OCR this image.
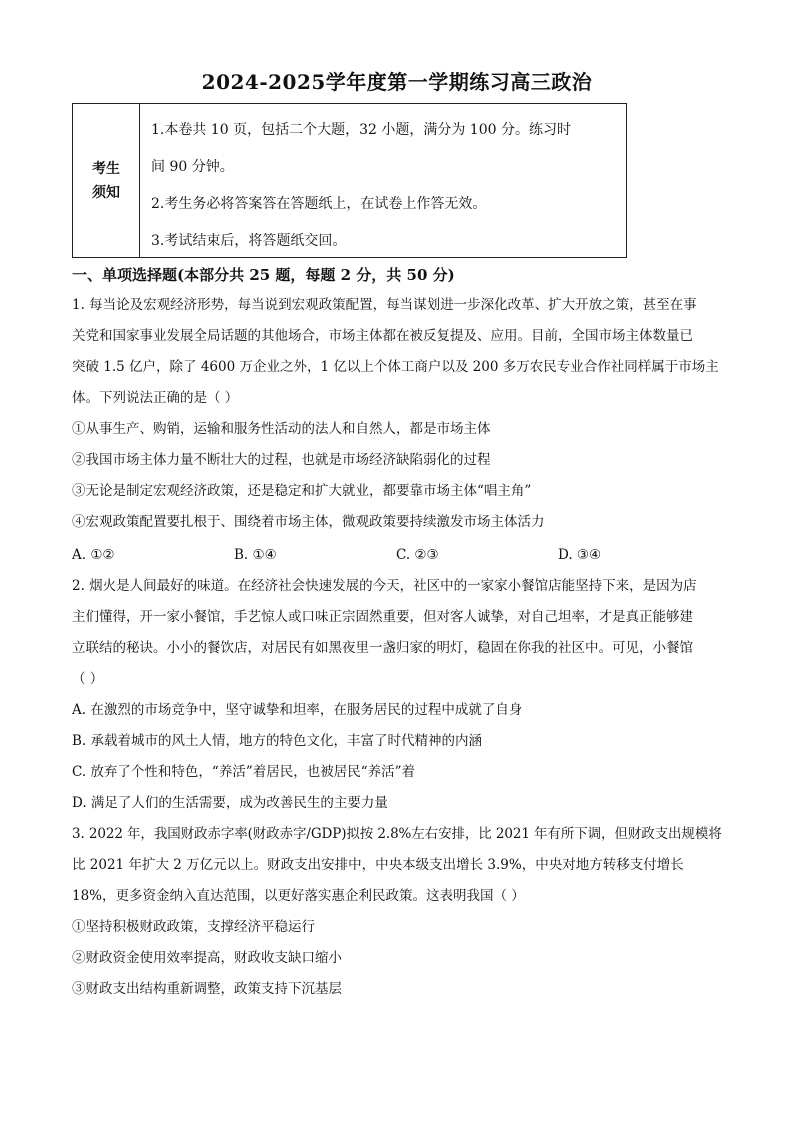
2024-2025学年度第一学期练习高三政治
考生须知
1.本卷共 10 页，包括二个大题，32 小题，满分为 100 分。练习时
间 90 分钟。
2.考生务必将答案答在答题纸上，在试卷上作答无效。
3.考试结束后，将答题纸交回。
一、单项选择题(本部分共 25 题，每题 2 分，共 50 分)
1. 每当论及宏观经济形势，每当说到宏观政策配置，每当谋划进一步深化改革、扩大开放之策，甚至在事
关党和国家事业发展全局话题的其他场合，市场主体都在被反复提及、应用。目前，全国市场主体数量已
突破 1.5 亿户，除了 4600 万企业之外，1 亿以上个体工商户以及 200 多万农民专业合作社同样属于市场主
体。下列说法正确的是（ ）
①从事生产、购销，运输和服务性活动的法人和自然人，都是市场主体
②我国市场主体力量不断壮大的过程，也就是市场经济缺陷弱化的过程
③无论是制定宏观经济政策，还是稳定和扩大就业，都要靠市场主体“唱主角”
④宏观政策配置要扎根于、围绕着市场主体，微观政策要持续激发市场主体活力
A. ①②	B. ①④	C. ②③	D. ③④
2. 烟火是人间最好的味道。在经济社会快速发展的今天，社区中的一家家小餐馆店能坚持下来，是因为店
主们懂得，开一家小餐馆，手艺惊人或口味正宗固然重要，但对客人诚挚，对自己坦率，才是真正能够建
立联结的秘诀。小小的餐饮店，对居民有如黑夜里一盏归家的明灯，稳固在你我的社区中。可见，小餐馆
（ ）
A. 在激烈的市场竞争中，坚守诚挚和坦率，在服务居民的过程中成就了自身
B. 承载着城市的风土人情，地方的特色文化，丰富了时代精神的内涵
C. 放弃了个性和特色，“养活”着居民，也被居民“养活”着
D. 满足了人们的生活需要，成为改善民生的主要力量
3. 2022 年，我国财政赤字率(财政赤字/GDP)拟按 2.8%左右安排，比 2021 年有所下调，但财政支出规模将
比 2021 年扩大 2 万亿元以上。财政支出安排中，中央本级支出增长 3.9%，中央对地方转移支付增长
18%，更多资金纳入直达范围，以更好落实惠企利民政策。这表明我国（ ）
①坚持积极财政政策，支撑经济平稳运行
②财政资金使用效率提高，财政收支缺口缩小
③财政支出结构重新调整，政策支持下沉基层
